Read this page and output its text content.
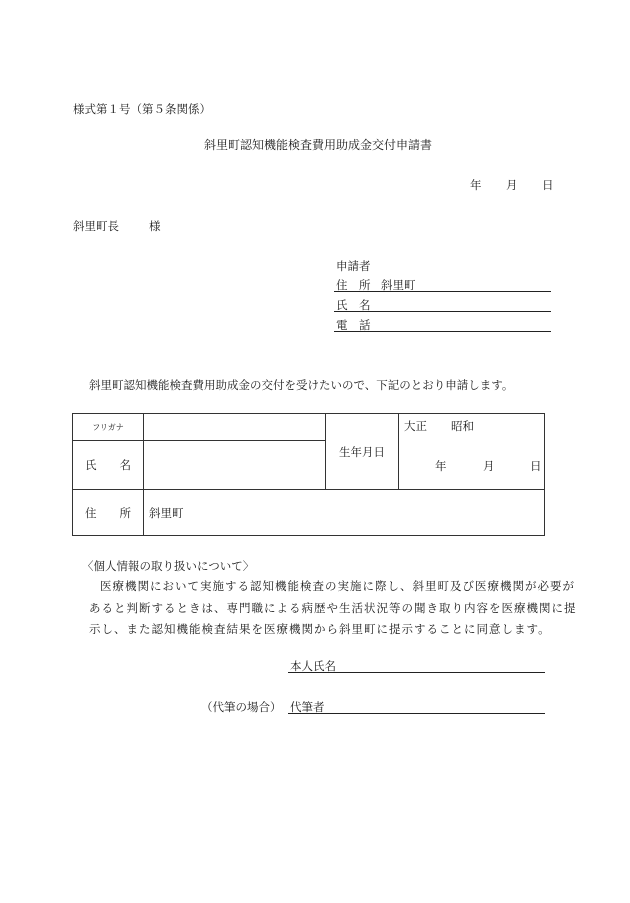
様式第１号（第５条関係）
斜里町認知機能検査費用助成金交付申請書
年 月 日
斜里町長	様
申請者
住　所 斜里町
氏　名
電　話
斜里町認知機能検査費用助成金の交付を受けたいので、下記のとおり申請します。
フリガナ		生年月日	大正 昭和
年 月 日

氏　　名			
住　　所	斜里町		
〈個人情報の取り扱いについて〉
医療機関において実施する認知機能検査の実施に際し、斜里町及び医療機関が必要が
あると判断するときは、専門職による病歴や生活状況等の聞き取り内容を医療機関に提
示し、また認知機能検査結果を医療機関から斜里町に提示することに同意します。
本人氏名
（代筆の場合） 代筆者
